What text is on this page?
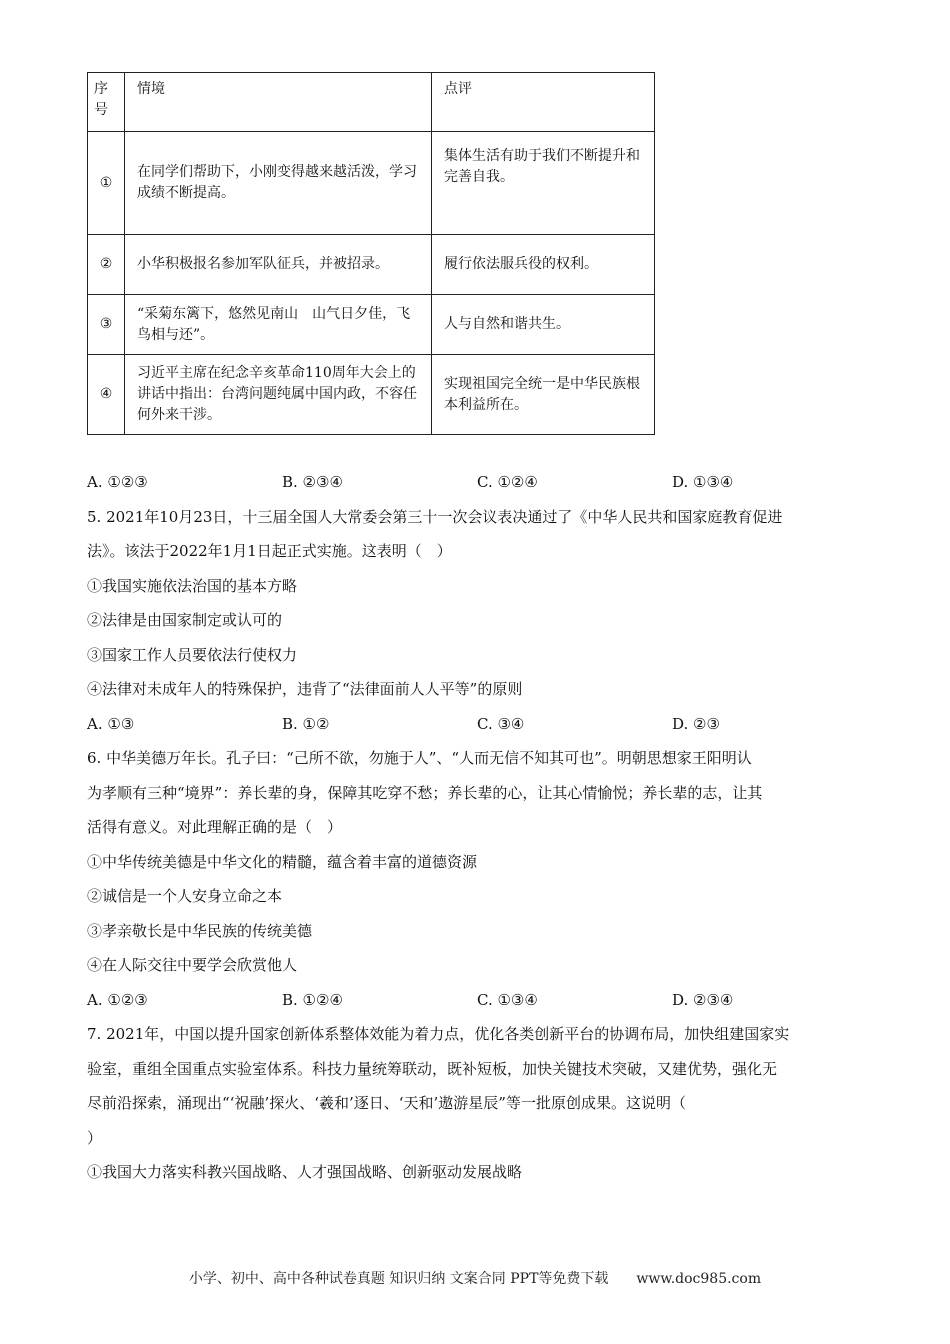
序号	情境	点评
①	在同学们帮助下，小刚变得越来越活泼，学习成绩不断提高。	集体生活有助于我们不断提升和完善自我。
②	小华积极报名参加军队征兵，并被招录。	履行依法服兵役的权利。
③	“采菊东篱下，悠然见南山　山气日夕佳，飞鸟相与还”。	人与自然和谐共生。
④	习近平主席在纪念辛亥革命110周年大会上的讲话中指出：台湾问题纯属中国内政，不容任何外来干涉。	实现祖国完全统一是中华民族根本利益所在。
A. ①②③	B. ②③④	C. ①②④	D. ①③④
5. 2021年10月23日，十三届全国人大常委会第三十一次会议表决通过了《中华人民共和国家庭教育促进
法》。该法于2022年1月1日起正式实施。这表明（　）
①我国实施依法治国的基本方略
②法律是由国家制定或认可的
③国家工作人员要依法行使权力
④法律对未成年人的特殊保护，违背了“法律面前人人平等”的原则
A. ①③	B. ①②	C. ③④	D. ②③
6. 中华美德万年长。孔子曰：“己所不欲，勿施于人”、“人而无信不知其可也”。明朝思想家王阳明认
为孝顺有三种“境界”：养长辈的身，保障其吃穿不愁；养长辈的心，让其心情愉悦；养长辈的志，让其
活得有意义。对此理解正确的是（　）
①中华传统美德是中华文化的精髓，蕴含着丰富的道德资源
②诚信是一个人安身立命之本
③孝亲敬长是中华民族的传统美德
④在人际交往中要学会欣赏他人
A. ①②③	B. ①②④	C. ①③④	D. ②③④
7. 2021年，中国以提升国家创新体系整体效能为着力点，优化各类创新平台的协调布局，加快组建国家实
验室，重组全国重点实验室体系。科技力量统筹联动，既补短板，加快关键技术突破，又建优势，强化无
尽前沿探索，涌现出“‘祝融’探火、‘羲和’逐日、‘天和’遨游星辰”等一批原创成果。这说明（
）
①我国大力落实科教兴国战略、人才强国战略、创新驱动发展战略
小学、初中、高中各种试卷真题 知识归纳 文案合同 PPT等免费下载　　www.doc985.com
